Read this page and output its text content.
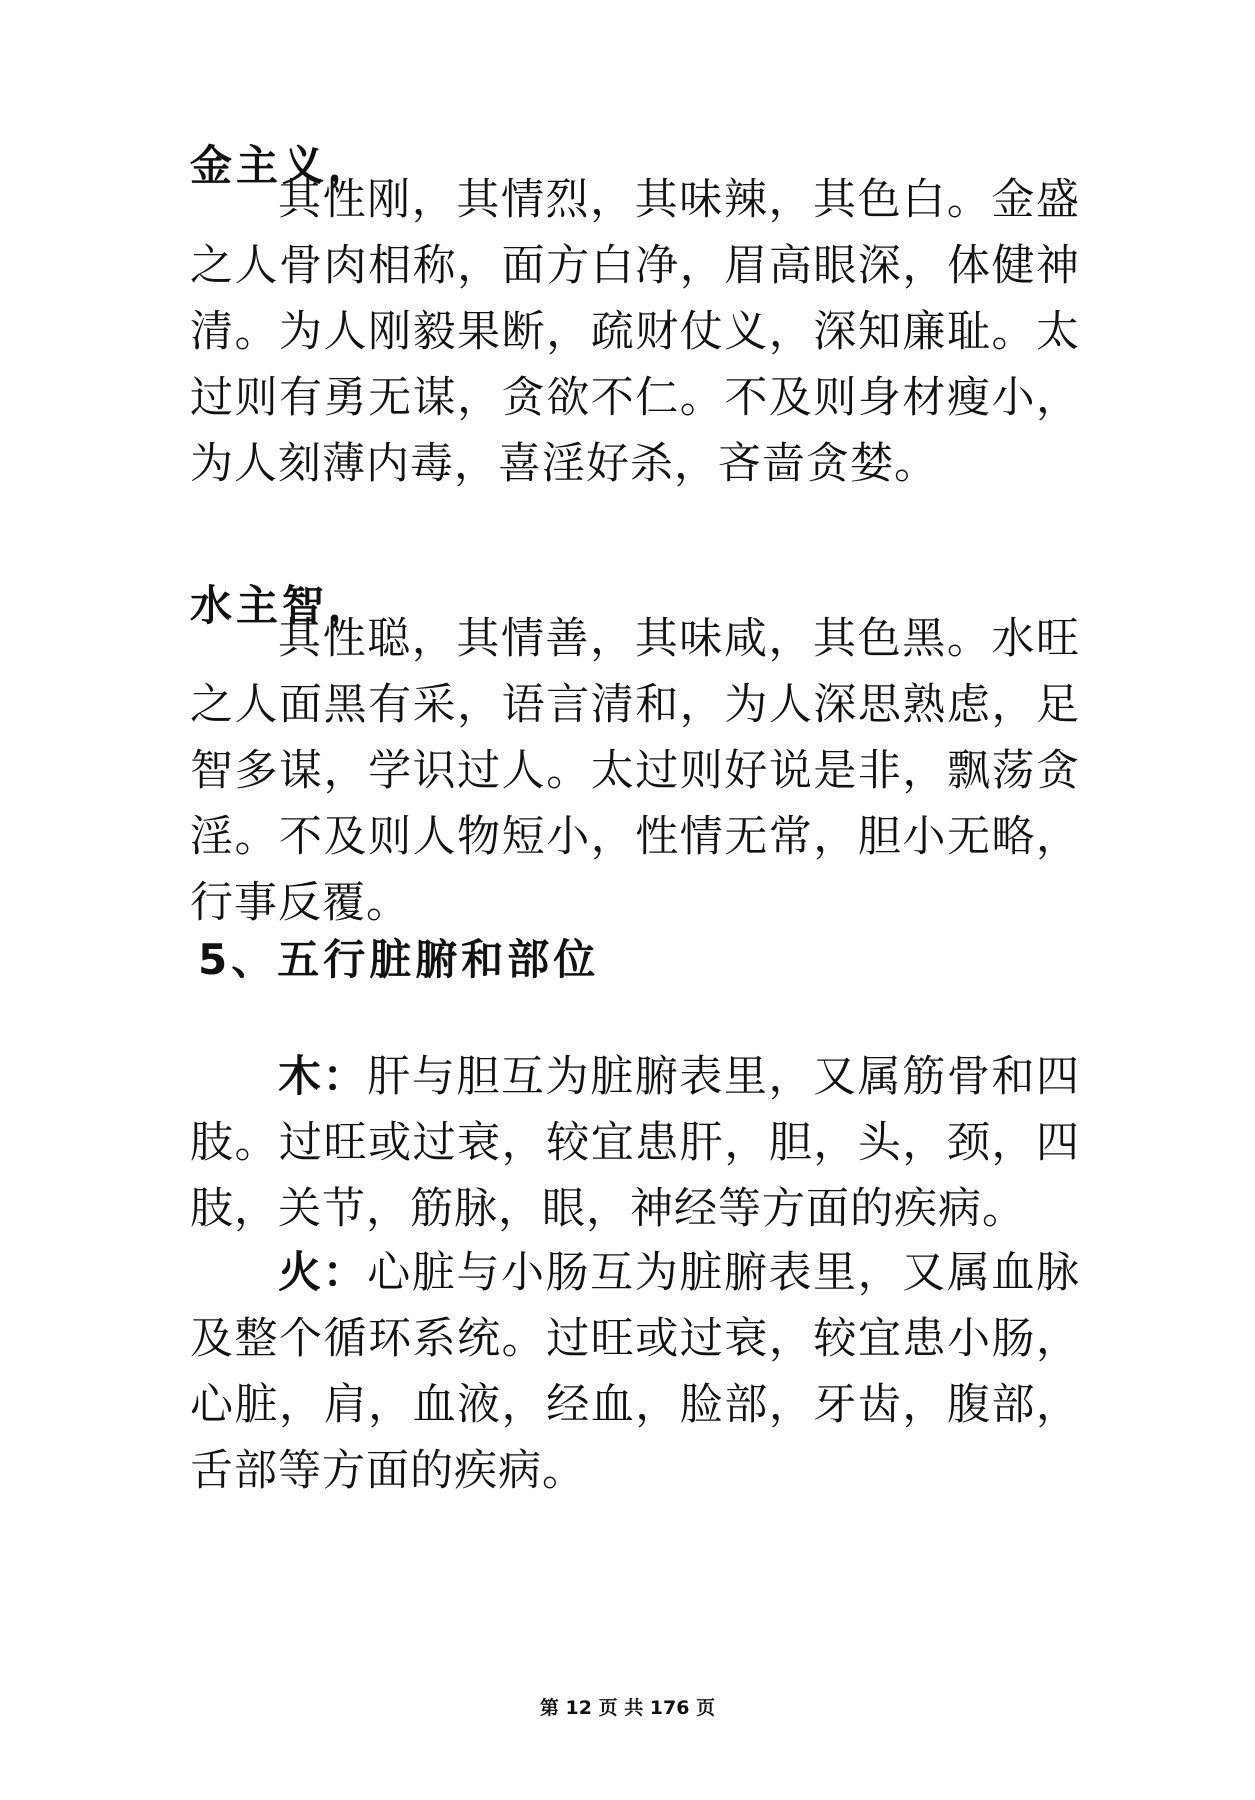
金主义，

其性刚，其情烈，其味辣，其色白。金盛之人骨肉相称，面方白净，眉高眼深，体健神清。为人刚毅果断，疏财仗义，深知廉耻。太过则有勇无谋，贪欲不仁。不及则身材瘦小，为人刻薄内毒，喜淫好杀，吝啬贪婪。

水主智，

其性聪，其情善，其味咸，其色黑。水旺之人面黑有采，语言清和，为人深思熟虑，足智多谋，学识过人。太过则好说是非，飘荡贪淫。不及则人物短小，性情无常，胆小无略，行事反覆。

5、五行脏腑和部位

木：肝与胆互为脏腑表里，又属筋骨和四肢。过旺或过衰，较宜患肝，胆，头，颈，四肢，关节，筋脉，眼，神经等方面的疾病。

火：心脏与小肠互为脏腑表里，又属血脉及整个循环系统。过旺或过衰，较宜患小肠，心脏，肩，血液，经血，脸部，牙齿，腹部，舌部等方面的疾病。

第 12 页 共 176 页
